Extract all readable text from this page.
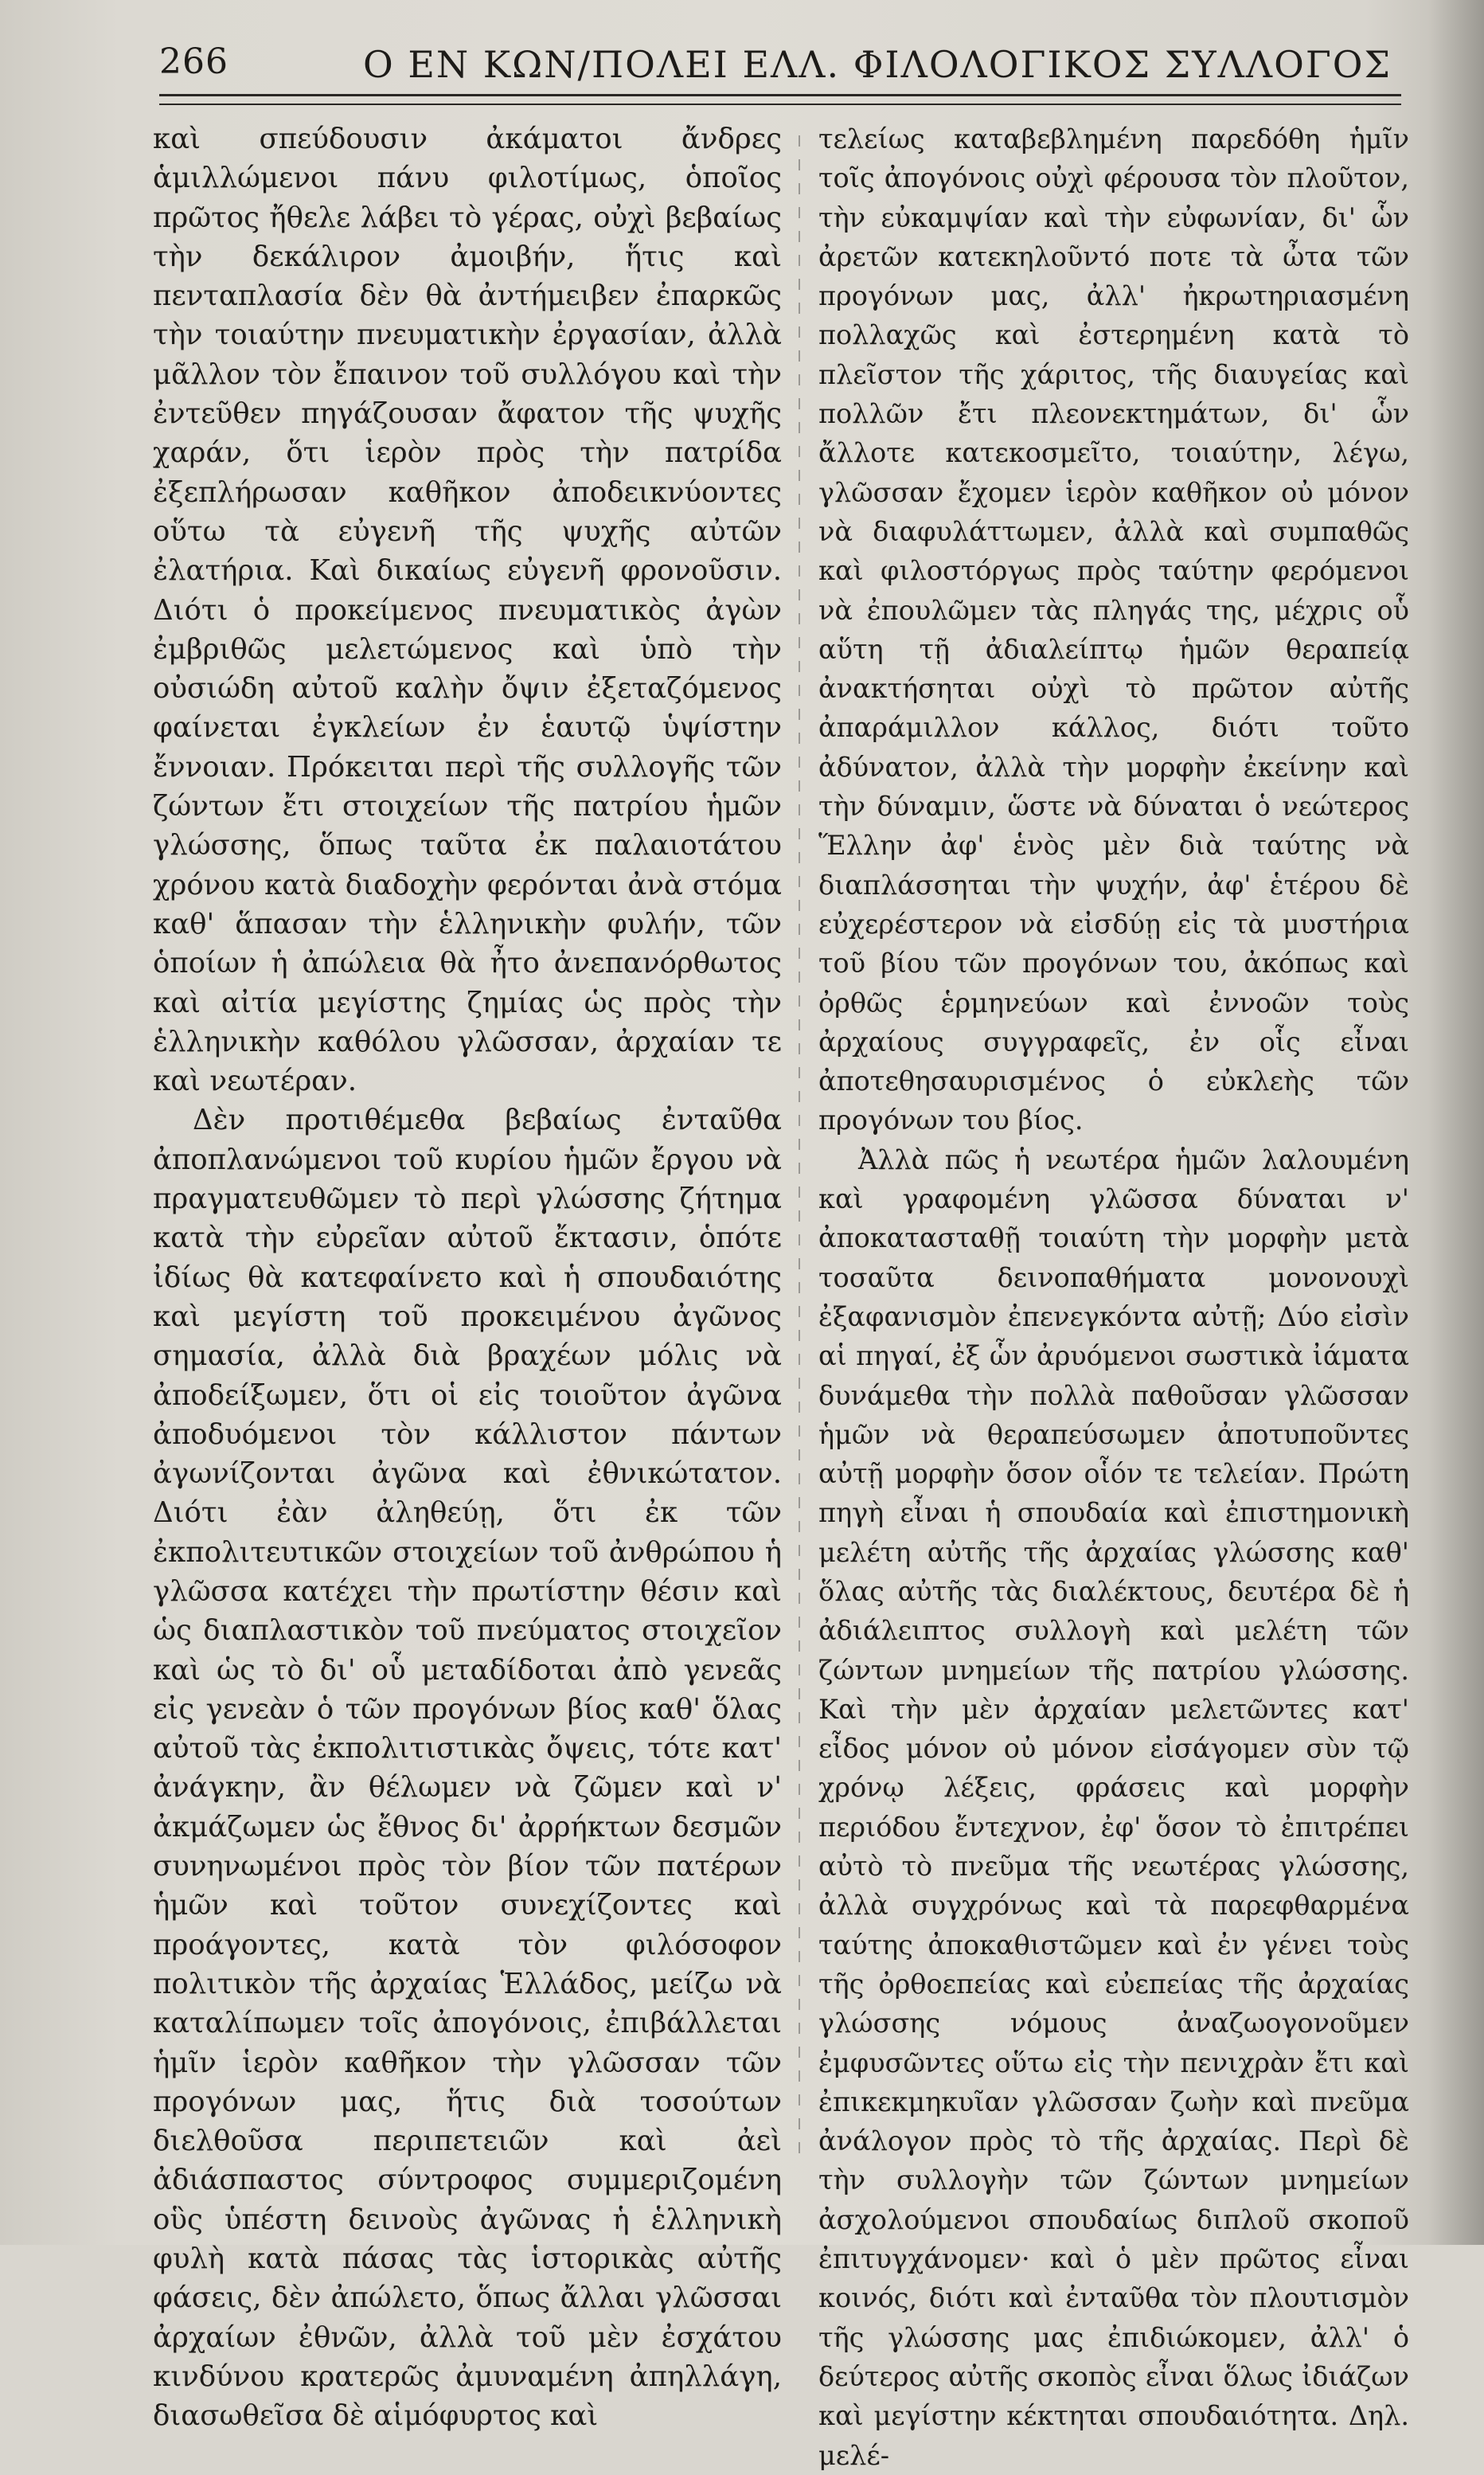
266	Ο ΕΝ ΚΩΝ/ΠΟΛΕΙ ΕΛΛ. ΦΙΛΟΛΟΓΙΚΟΣ ΣΥΛΛΟΓΟΣ

καὶ σπεύδουσιν ἀκάματοι ἄνδρες ἁμιλλώμενοι πάνυ φιλοτίμως, ὁποῖος πρῶτος ἤθελε λάβει τὸ γέρας, οὐχὶ βεβαίως τὴν δεκάλιρον ἀμοιβήν, ἥτις καὶ πενταπλασία δὲν θὰ ἀντήμειβεν ἐπαρκῶς τὴν τοιαύτην πνευματικὴν ἐργασίαν, ἀλλὰ μᾶλλον τὸν ἔπαινον τοῦ συλλόγου καὶ τὴν ἐντεῦθεν πηγάζουσαν ἄφατον τῆς ψυχῆς χαράν, ὅτι ἱερὸν πρὸς τὴν πατρίδα ἐξεπλήρωσαν καθῆκον ἀποδεικνύοντες οὕτω τὰ εὐγενῆ τῆς ψυχῆς αὐτῶν ἐλατήρια. Καὶ δικαίως εὐγενῆ φρονοῦσιν. Διότι ὁ προκείμενος πνευματικὸς ἀγὼν ἐμβριθῶς μελετώμενος καὶ ὑπὸ τὴν οὐσιώδη αὐτοῦ καλὴν ὄψιν ἐξεταζόμενος φαίνεται ἐγκλείων ἐν ἑαυτῷ ὑψίστην ἔννοιαν. Πρόκειται περὶ τῆς συλλογῆς τῶν ζώντων ἔτι στοιχείων τῆς πατρίου ἡμῶν γλώσσης, ὅπως ταῦτα ἐκ παλαιοτάτου χρόνου κατὰ διαδοχὴν φερόνται ἀνὰ στόμα καθ' ἅπασαν τὴν ἑλληνικὴν φυλήν, τῶν ὁποίων ἡ ἀπώλεια θὰ ἦτο ἀνεπανόρθωτος καὶ αἰτία μεγίστης ζημίας ὡς πρὸς τὴν ἑλληνικὴν καθόλου γλῶσσαν, ἀρχαίαν τε καὶ νεωτέραν.

Δὲν προτιθέμεθα βεβαίως ἐνταῦθα ἀποπλανώμενοι τοῦ κυρίου ἡμῶν ἔργου νὰ πραγματευθῶμεν τὸ περὶ γλώσσης ζήτημα κατὰ τὴν εὐρεῖαν αὐτοῦ ἔκτασιν, ὁπότε ἰδίως θὰ κατεφαίνετο καὶ ἡ σπουδαιότης καὶ μεγίστη τοῦ προκειμένου ἀγῶνος σημασία, ἀλλὰ διὰ βραχέων μόλις νὰ ἀποδείξωμεν, ὅτι οἱ εἰς τοιοῦτον ἀγῶνα ἀποδυόμενοι τὸν κάλλιστον πάντων ἀγωνίζονται ἀγῶνα καὶ ἐθνικώτατον. Διότι ἐὰν ἀληθεύῃ, ὅτι ἐκ τῶν ἐκπολιτευτικῶν στοιχείων τοῦ ἀνθρώπου ἡ γλῶσσα κατέχει τὴν πρωτίστην θέσιν καὶ ὡς διαπλαστικὸν τοῦ πνεύματος στοιχεῖον καὶ ὡς τὸ δι' οὗ μεταδίδοται ἀπὸ γενεᾶς εἰς γενεὰν ὁ τῶν προγόνων βίος καθ' ὅλας αὐτοῦ τὰς ἐκπολιτιστικὰς ὄψεις, τότε κατ' ἀνάγκην, ἂν θέλωμεν νὰ ζῶμεν καὶ ν' ἀκμάζωμεν ὡς ἔθνος δι' ἀρρήκτων δεσμῶν συνηνωμένοι πρὸς τὸν βίον τῶν πατέρων ἡμῶν καὶ τοῦτον συνεχίζοντες καὶ προάγοντες, κατὰ τὸν φιλόσοφον πολιτικὸν τῆς ἀρχαίας Ἑλλάδος, μείζω νὰ καταλίπωμεν τοῖς ἀπογόνοις, ἐπιβάλλεται ἡμῖν ἱερὸν καθῆκον τὴν γλῶσσαν τῶν προγόνων μας, ἥτις διὰ τοσούτων διελθοῦσα περιπετειῶν καὶ ἀεὶ ἀδιάσπαστος σύντροφος συμμεριζομένη οὓς ὑπέστη δεινοὺς ἀγῶνας ἡ ἑλληνικὴ φυλὴ κατὰ πάσας τὰς ἱστορικὰς αὐτῆς φάσεις, δὲν ἀπώλετο, ὅπως ἄλλαι γλῶσσαι ἀρχαίων ἐθνῶν, ἀλλὰ τοῦ μὲν ἐσχάτου κινδύνου κρατερῶς ἀμυναμένη ἀπηλλάγη, διασωθεῖσα δὲ αἱμόφυρτος καὶ

τελείως καταβεβλημένη παρεδόθη ἡμῖν τοῖς ἀπογόνοις οὐχὶ φέρουσα τὸν πλοῦτον, τὴν εὐκαμψίαν καὶ τὴν εὐφωνίαν, δι' ὧν ἀρετῶν κατεκηλοῦντό ποτε τὰ ὦτα τῶν προγόνων μας, ἀλλ' ἠκρωτηριασμένη πολλαχῶς καὶ ἐστερημένη κατὰ τὸ πλεῖστον τῆς χάριτος, τῆς διαυγείας καὶ πολλῶν ἔτι πλεονεκτημάτων, δι' ὧν ἄλλοτε κατεκοσμεῖτο, τοιαύτην, λέγω, γλῶσσαν ἔχομεν ἱερὸν καθῆκον οὐ μόνον νὰ διαφυλάττωμεν, ἀλλὰ καὶ συμπαθῶς καὶ φιλοστόργως πρὸς ταύτην φερόμενοι νὰ ἐπουλῶμεν τὰς πληγάς της, μέχρις οὗ αὕτη τῇ ἀδιαλείπτῳ ἡμῶν θεραπείᾳ ἀνακτήσηται οὐχὶ τὸ πρῶτον αὐτῆς ἀπαράμιλλον κάλλος, διότι τοῦτο ἀδύνατον, ἀλλὰ τὴν μορφὴν ἐκείνην καὶ τὴν δύναμιν, ὥστε νὰ δύναται ὁ νεώτερος Ἕλλην ἀφ' ἑνὸς μὲν διὰ ταύτης νὰ διαπλάσσηται τὴν ψυχήν, ἀφ' ἑτέρου δὲ εὐχερέστερον νὰ εἰσδύῃ εἰς τὰ μυστήρια τοῦ βίου τῶν προγόνων του, ἀκόπως καὶ ὀρθῶς ἑρμηνεύων καὶ ἐννοῶν τοὺς ἀρχαίους συγγραφεῖς, ἐν οἷς εἶναι ἀποτεθησαυρισμένος ὁ εὐκλεὴς τῶν προγόνων του βίος.

Ἀλλὰ πῶς ἡ νεωτέρα ἡμῶν λαλουμένη καὶ γραφομένη γλῶσσα δύναται ν' ἀποκατασταθῇ τοιαύτη τὴν μορφὴν μετὰ τοσαῦτα δεινοπαθήματα μονονουχὶ ἐξαφανισμὸν ἐπενεγκόντα αὐτῇ; Δύο εἰσὶν αἱ πηγαί, ἐξ ὧν ἀρυόμενοι σωστικὰ ἰάματα δυνάμεθα τὴν πολλὰ παθοῦσαν γλῶσσαν ἡμῶν νὰ θεραπεύσωμεν ἀποτυποῦντες αὐτῇ μορφὴν ὅσον οἷόν τε τελείαν. Πρώτη πηγὴ εἶναι ἡ σπουδαία καὶ ἐπιστημονικὴ μελέτη αὐτῆς τῆς ἀρχαίας γλώσσης καθ' ὅλας αὐτῆς τὰς διαλέκτους, δευτέρα δὲ ἡ ἀδιάλειπτος συλλογὴ καὶ μελέτη τῶν ζώντων μνημείων τῆς πατρίου γλώσσης. Καὶ τὴν μὲν ἀρχαίαν μελετῶντες κατ' εἶδος μόνον οὐ μόνον εἰσάγομεν σὺν τῷ χρόνῳ λέξεις, φράσεις καὶ μορφὴν περιόδου ἔντεχνον, ἐφ' ὅσον τὸ ἐπιτρέπει αὐτὸ τὸ πνεῦμα τῆς νεωτέρας γλώσσης, ἀλλὰ συγχρόνως καὶ τὰ παρεφθαρμένα ταύτης ἀποκαθιστῶμεν καὶ ἐν γένει τοὺς τῆς ὀρθοεπείας καὶ εὐεπείας τῆς ἀρχαίας γλώσσης νόμους ἀναζωογονοῦμεν ἐμφυσῶντες οὕτω εἰς τὴν πενιχρὰν ἔτι καὶ ἐπικεκμηκυῖαν γλῶσσαν ζωὴν καὶ πνεῦμα ἀνάλογον πρὸς τὸ τῆς ἀρχαίας. Περὶ δὲ τὴν συλλογὴν τῶν ζώντων μνημείων ἀσχολούμενοι σπουδαίως διπλοῦ σκοποῦ ἐπιτυγχάνομεν· καὶ ὁ μὲν πρῶτος εἶναι κοινός, διότι καὶ ἐνταῦθα τὸν πλουτισμὸν τῆς γλώσσης μας ἐπιδιώκομεν, ἀλλ' ὁ δεύτερος αὐτῆς σκοπὸς εἶναι ὅλως ἰδιάζων καὶ μεγίστην κέκτηται σπουδαιότητα. Δηλ. μελέ-
